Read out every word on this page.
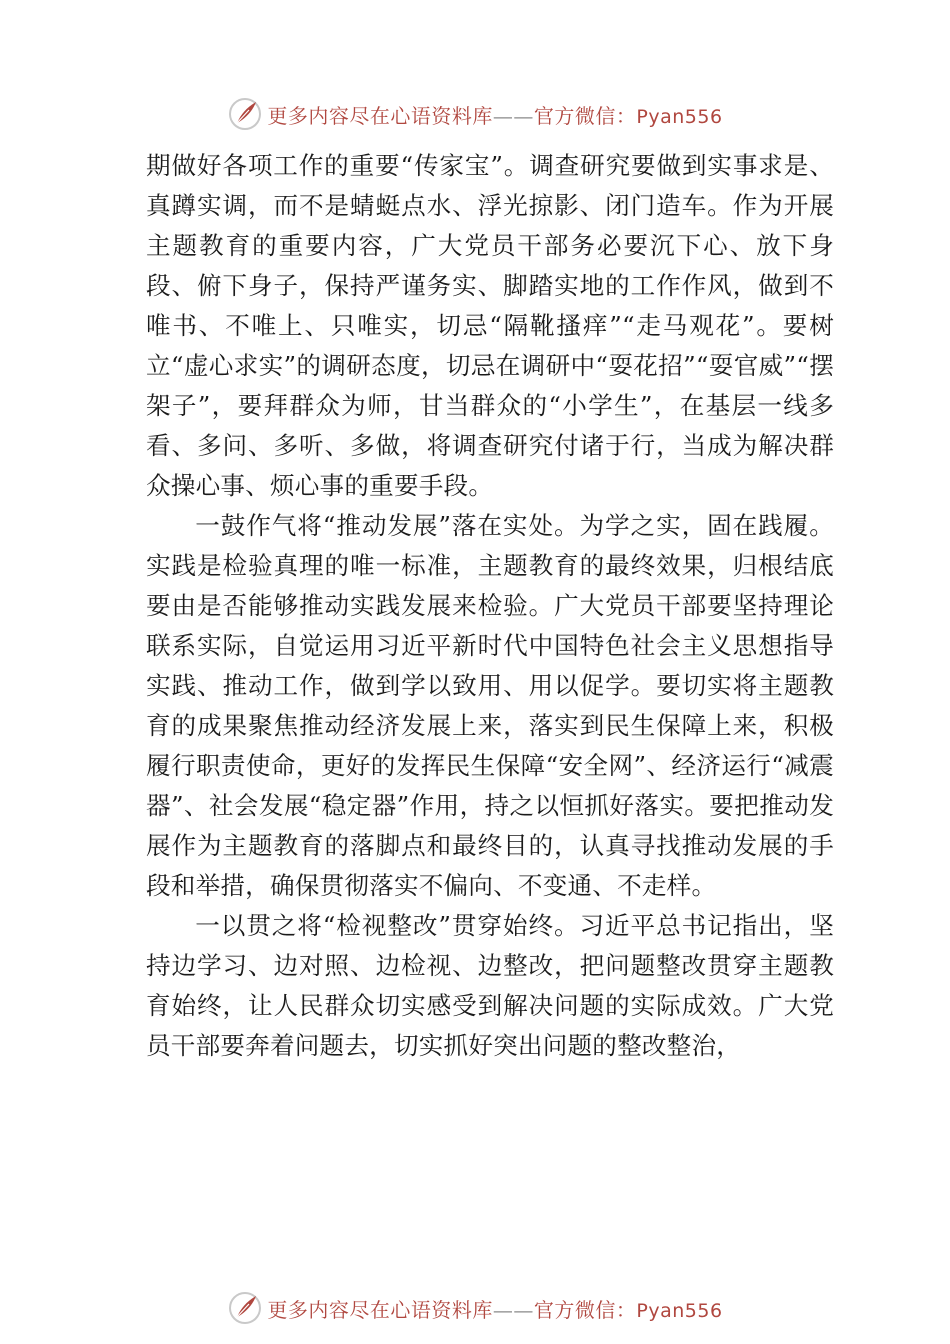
更多内容尽在心语资料库——官方微信：Pyan556

期做好各项工作的重要“传家宝”。调查研究要做到实事求是、真蹲实调，而不是蜻蜓点水、浮光掠影、闭门造车。作为开展主题教育的重要内容，广大党员干部务必要沉下心、放下身段、俯下身子，保持严谨务实、脚踏实地的工作作风，做到不唯书、不唯上、只唯实，切忌“隔靴搔痒”“走马观花”。要树立“虚心求实”的调研态度，切忌在调研中“耍花招”“耍官威”“摆架子”，要拜群众为师，甘当群众的“小学生”，在基层一线多看、多问、多听、多做，将调查研究付诸于行，当成为解决群众操心事、烦心事的重要手段。

一鼓作气将“推动发展”落在实处。为学之实，固在践履。实践是检验真理的唯一标准，主题教育的最终效果，归根结底要由是否能够推动实践发展来检验。广大党员干部要坚持理论联系实际，自觉运用习近平新时代中国特色社会主义思想指导实践、推动工作，做到学以致用、用以促学。要切实将主题教育的成果聚焦推动经济发展上来，落实到民生保障上来，积极履行职责使命，更好的发挥民生保障“安全网”、经济运行“减震器”、社会发展“稳定器”作用，持之以恒抓好落实。要把推动发展作为主题教育的落脚点和最终目的，认真寻找推动发展的手段和举措，确保贯彻落实不偏向、不变通、不走样。

一以贯之将“检视整改”贯穿始终。习近平总书记指出，坚持边学习、边对照、边检视、边整改，把问题整改贯穿主题教育始终，让人民群众切实感受到解决问题的实际成效。广大党员干部要奔着问题去，切实抓好突出问题的整改整治，

更多内容尽在心语资料库——官方微信：Pyan556
